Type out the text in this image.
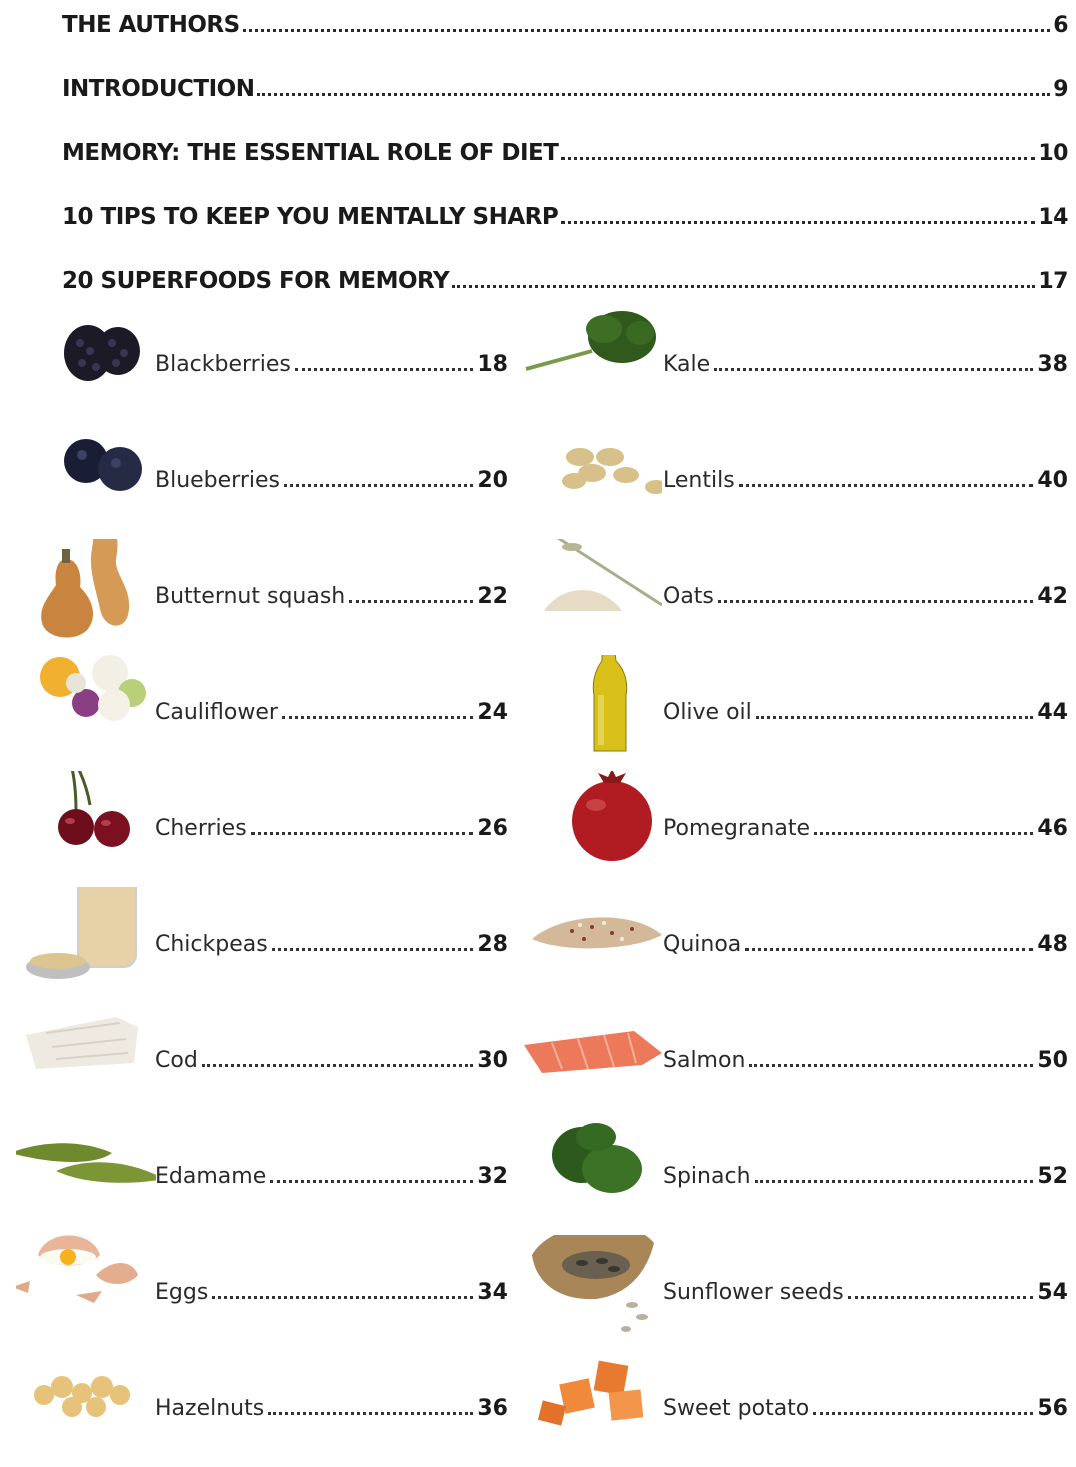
THE AUTHORS	6
INTRODUCTION	9
MEMORY: THE ESSENTIAL ROLE OF DIET	10
10 TIPS TO KEEP YOU MENTALLY SHARP	14
20 SUPERFOODS FOR MEMORY	17
Blackberries	18
Blueberries	20
Butternut squash	22
Cauliflower	24
Cherries	26
Chickpeas	28
Cod	30
Edamame	32
Eggs	34
Hazelnuts	36
Kale	38
Lentils	40
Oats	42
Olive oil	44
Pomegranate	46
Quinoa	48
Salmon	50
Spinach	52
Sunflower seeds	54
Sweet potato	56
